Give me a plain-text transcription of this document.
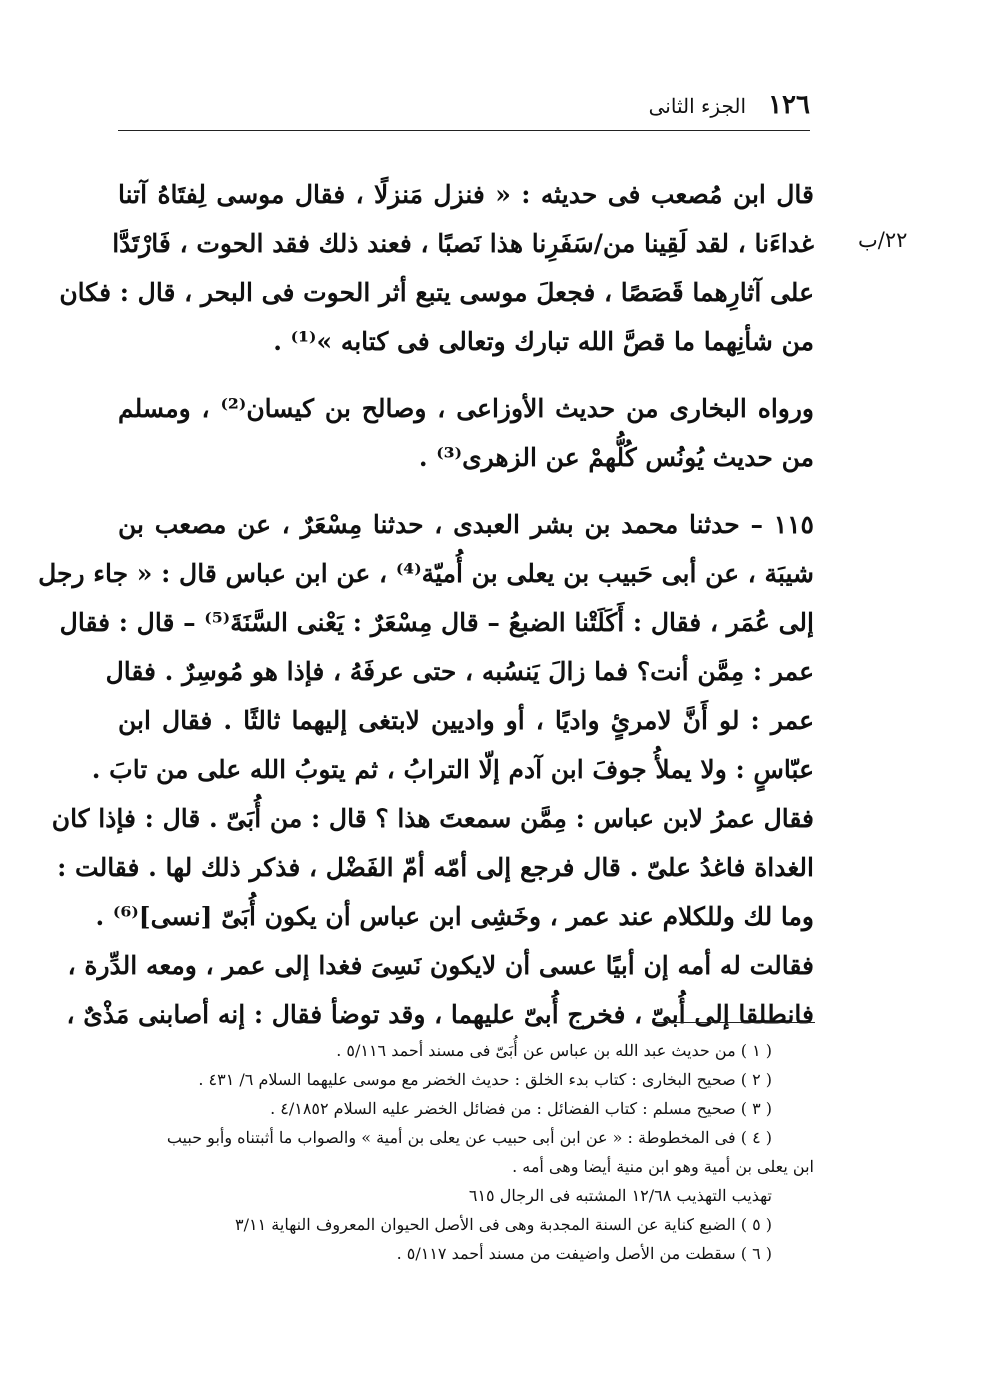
١٢٦
الجزء الثانى
٢٢/ب
قال ابن مُصعب فى حديثه : « فنزل مَنزلًا ، فقال موسى لِفتَاهُ آتنا
غداءَنا ، لقد لَقِينا من/سَفَرِنا هذا نَصبًا ، فعند ذلك فقد الحوت ، فَارْتَدَّا
على آثارِهما قَصَصًا ، فجعلَ موسى يتبع أثر الحوت فى البحر ، قال : فكان
من شأنِهما ما قصَّ الله تبارك وتعالى فى كتابه »⁽¹⁾ .
ورواه البخارى من حديث الأوزاعى ، وصالح بن كيسان⁽²⁾ ، ومسلم
من حديث يُونُس كُلُّهمْ عن الزهرى⁽³⁾ .
١١٥ – حدثنا محمد بن بشر العبدى ، حدثنا مِسْعَرٌ ، عن مصعب بن
شيبَة ، عن أبى حَبيب بن يعلى بن أُميّة⁽⁴⁾ ، عن ابن عباس قال : « جاء رجل
إلى عُمَر ، فقال : أَكَلَتْنا الضبعُ – قال مِسْعَرٌ : يَعْنى السَّنَةَ⁽⁵⁾ – قال : فقال
عمر : مِمَّن أنت؟ فما زالَ يَنسُبه ، حتى عرفَهُ ، فإذا هو مُوسِرٌ . فقال
عمر : لو أَنَّ لامرئٍ واديًا ، أو واديين لابتغى إليهما ثالثًا . فقال ابن
عبّاسٍ : ولا يملأُ جوفَ ابن آدم إلّا الترابُ ، ثم يتوبُ الله على من تابَ .
فقال عمرُ لابن عباس : مِمَّن سمعتَ هذا ؟ قال : من أُبَىّ . قال : فإذا كان
الغداة فاغدُ علىّ . قال فرجع إلى أمّه أمّ الفَضْل ، فذكر ذلك لها . فقالت :
وما لك وللكلام عند عمر ، وخَشِى ابن عباس أن يكون أُبَىّ [نسى]⁽⁶⁾ .
فقالت له أمه إن أبيًا عسى أن لايكون نَسِىَ فغدا إلى عمر ، ومعه الدِّرة ،
فانطلقا إلى أُبىّ ، فخرج أُبىّ عليهما ، وقد توضأ فقال : إنه أصابنى مَذْىٌ ،
( ١ ) من حديث عبد الله بن عباس عن أُبَىّ فى مسند أحمد ٥/١١٦ .
( ٢ ) صحيح البخارى : كتاب بدء الخلق : حديث الخضر مع موسى عليهما السلام ٦/ ٤٣١ .
( ٣ ) صحيح مسلم : كتاب الفضائل : من فضائل الخضر عليه السلام ٤/١٨٥٢ .
( ٤ ) فى المخطوطة : « عن ابن أبى حبيب عن يعلى بن أمية » والصواب ما أثبتناه وأبو حبيب
ابن يعلى بن أمية وهو ابن منية أيضا وهى أمه .
تهذيب التهذيب ١٢/٦٨ المشتبه فى الرجال ٦١٥
( ٥ ) الضبع كناية عن السنة المجدبة وهى فى الأصل الحيوان المعروف النهاية ٣/١١
( ٦ ) سقطت من الأصل واضيفت من مسند أحمد ٥/١١٧ .
